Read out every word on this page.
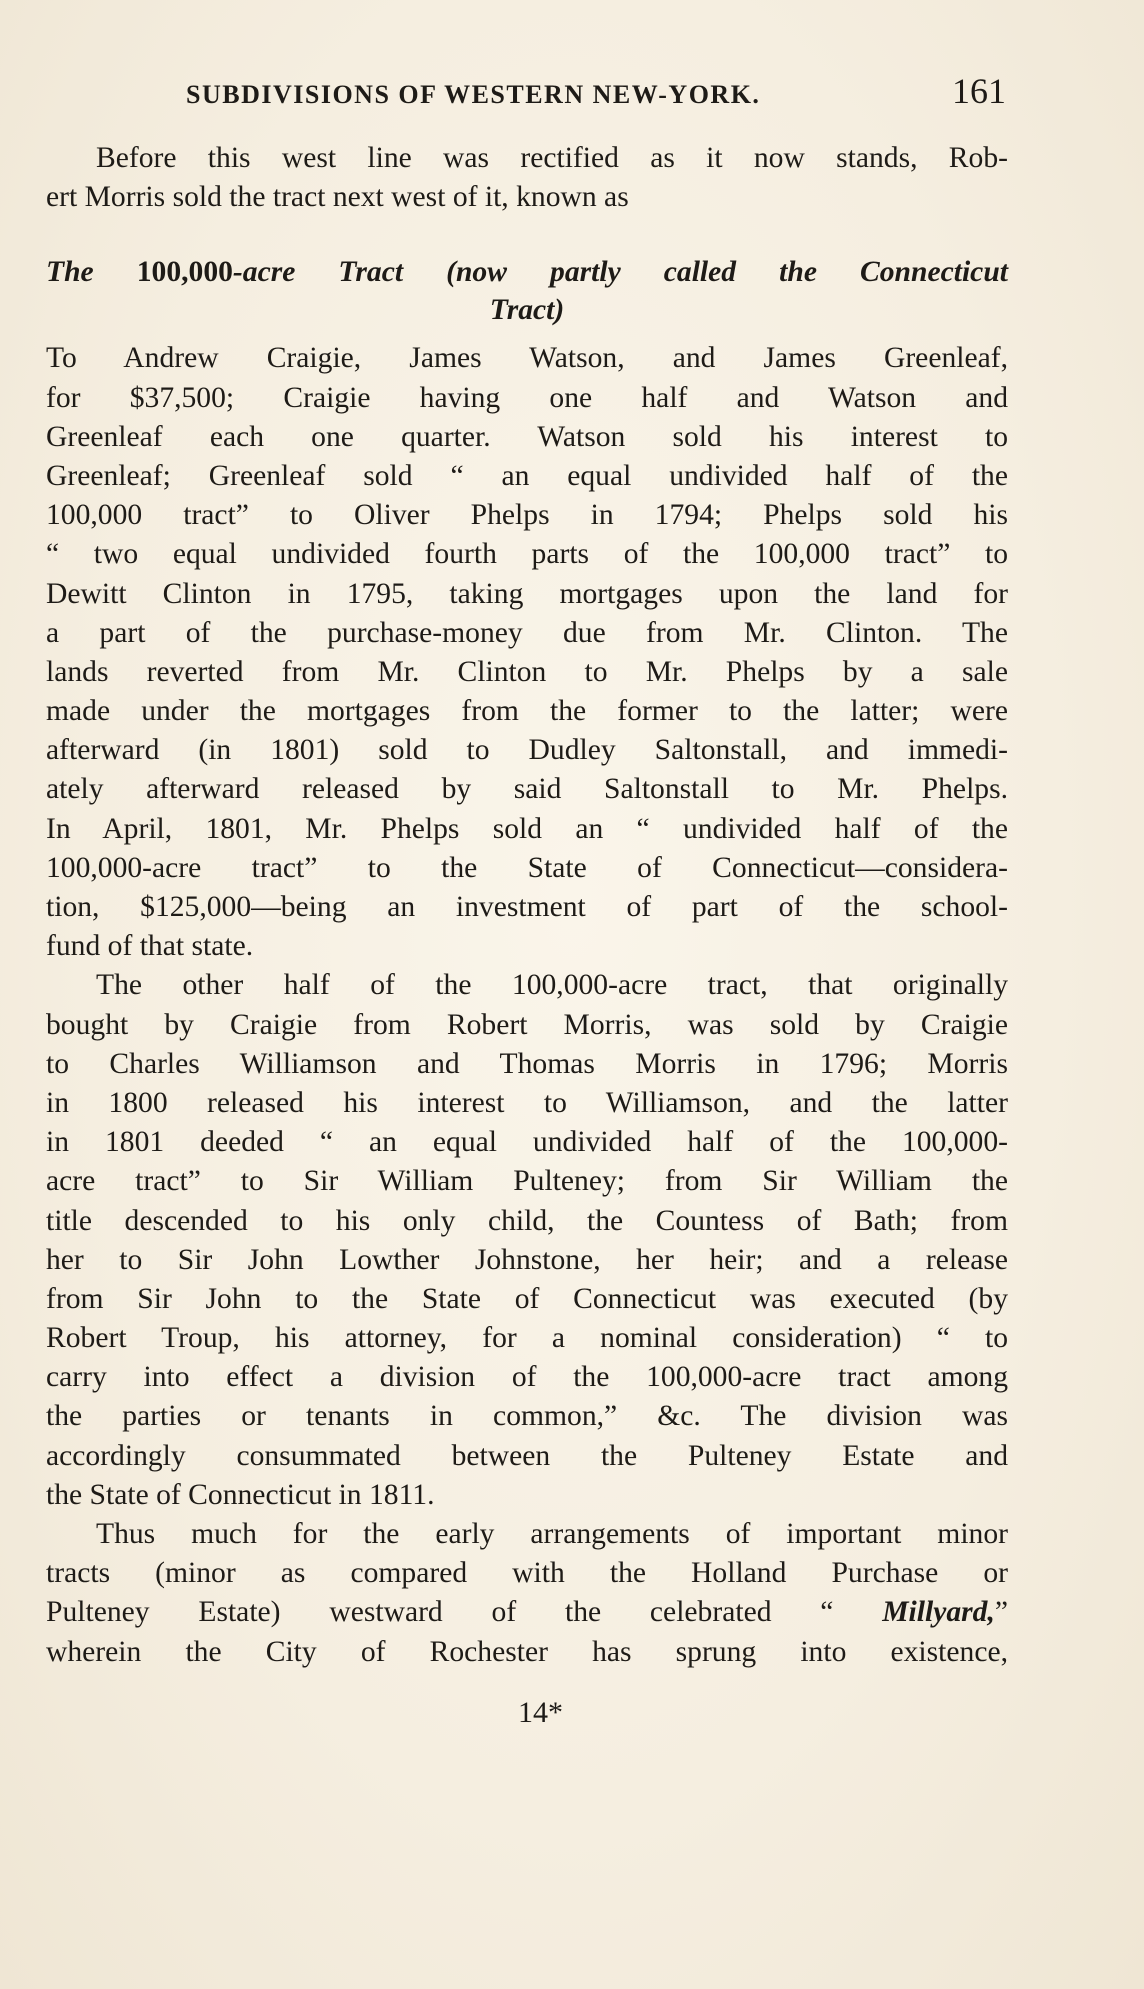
SUBDIVISIONS OF WESTERN NEW-YORK.	161
Before this west line was rectified as it now stands, Rob-
ert Morris sold the tract next west of it, known as
The 100,000-acre Tract (now partly called the Connecticut
Tract)
To Andrew Craigie, James Watson, and James Greenleaf,
for $37,500; Craigie having one half and Watson and
Greenleaf each one quarter. Watson sold his interest to
Greenleaf; Greenleaf sold “ an equal undivided half of the
100,000 tract” to Oliver Phelps in 1794; Phelps sold his
“ two equal undivided fourth parts of the 100,000 tract” to
Dewitt Clinton in 1795, taking mortgages upon the land for
a part of the purchase-money due from Mr. Clinton. The
lands reverted from Mr. Clinton to Mr. Phelps by a sale
made under the mortgages from the former to the latter; were
afterward (in 1801) sold to Dudley Saltonstall, and immedi-
ately afterward released by said Saltonstall to Mr. Phelps.
In April, 1801, Mr. Phelps sold an “ undivided half of the
100,000-acre tract” to the State of Connecticut—considera-
tion, $125,000—being an investment of part of the school-
fund of that state.
The other half of the 100,000-acre tract, that originally
bought by Craigie from Robert Morris, was sold by Craigie
to Charles Williamson and Thomas Morris in 1796; Morris
in 1800 released his interest to Williamson, and the latter
in 1801 deeded “ an equal undivided half of the 100,000-
acre tract” to Sir William Pulteney; from Sir William the
title descended to his only child, the Countess of Bath; from
her to Sir John Lowther Johnstone, her heir; and a release
from Sir John to the State of Connecticut was executed (by
Robert Troup, his attorney, for a nominal consideration) “ to
carry into effect a division of the 100,000-acre tract among
the parties or tenants in common,” &c. The division was
accordingly consummated between the Pulteney Estate and
the State of Connecticut in 1811.
Thus much for the early arrangements of important minor
tracts (minor as compared with the Holland Purchase or
Pulteney Estate) westward of the celebrated “ Millyard,”
wherein the City of Rochester has sprung into existence,
14*
